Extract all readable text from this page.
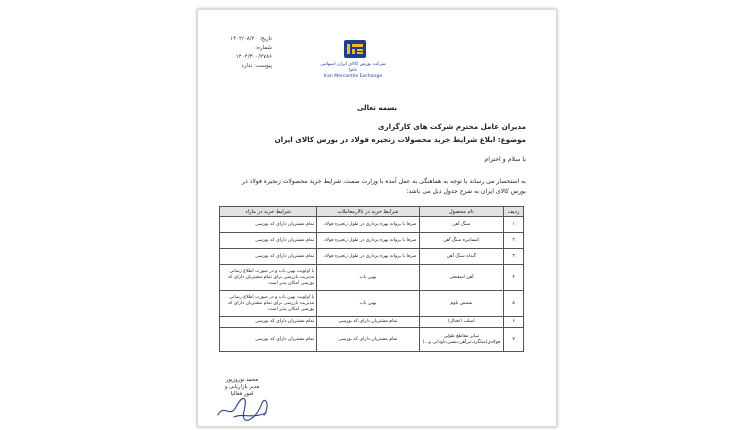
تاریخ: ۱۴۰۲/۰۸/۲۰
شماره: ۱۴۰۲/۳۰۰/۲۷۸۶
پیوست: ندارد	شرکت بورس کالای ایران (سهامی عام)
Iran Mercantile Exchange
بسمه تعالی
مدیران عامل محترم شرکت های کارگزاری
موضوع: ابلاغ شرایط خرید محصولات زنجیره فولاد در بورس کالای ایران
با سلام و احترام
به استحضار می رساند با توجه به هماهنگی به عمل آمده با وزارت صمت، شرایط خرید محصولات زنجیره فولاد در بورس کالای ایران به شرح جدول ذیل می باشد:
ردیف	نام محصول	شرایط خرید در تالارمعاملات	شرایط خرید در مازاد
۱	سنگ آهن	صرفا با پروانه بهره برداری در طول زنجیره فولاد	تمام مشتریان دارای کد بورسی
۲	کنسانتره سنگ آهن	صرفا با پروانه بهره برداری در طول زنجیره فولاد	تمام مشتریان دارای کد بورسی
۳	گندله سنگ آهن	صرفا با پروانه بهره برداری در طول زنجیره فولاد	تمام مشتریان دارای کد بورسی
۴	آهن اسفنجی	بهین یاب	با اولویت بهین یاب و در صورت اطلاع رسانی مدیریت بازرسی برای تمام مشتریان دارای کد بورسی امکان پذیر است
۵	شمش بلوم	بهین یاب	با اولویت بهین یاب و در صورت اطلاع رسانی مدیریت بازرسی برای تمام مشتریان دارای کد بورسی امکان پذیر است
۶	اسلب (تختال)	تمام مشتریان دارای کد بورسی	تمام مشتریان دارای کد بورسی
۷	سایر مقاطع طولی فولادی(میلگرد،تیرآهن،نبشی،ناودانی و...)	تمام مشتریان دارای کد بورسی	تمام مشتریان دارای کد بورسی
محمد نوروزپور
مدیر بازاریابی و امور فعالیا
